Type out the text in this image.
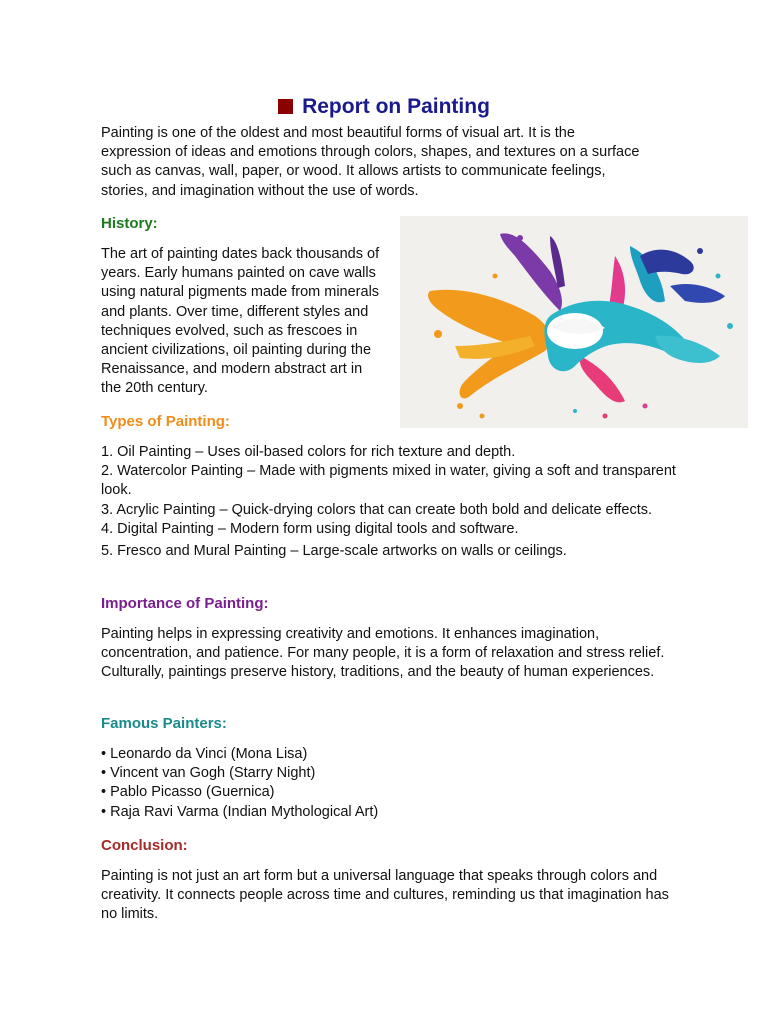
Report on Painting

Painting is one of the oldest and most beautiful forms of visual art. It is the expression of ideas and emotions through colors, shapes, and textures on a surface such as canvas, wall, paper, or wood. It allows artists to communicate feelings, stories, and imagination without the use of words.

History:

The art of painting dates back thousands of years. Early humans painted on cave walls using natural pigments made from minerals and plants. Over time, different styles and techniques evolved, such as frescoes in ancient civilizations, oil painting during the Renaissance, and modern abstract art in the 20th century.

Types of Painting:
1. Oil Painting – Uses oil-based colors for rich texture and depth.
2. Watercolor Painting – Made with pigments mixed in water, giving a soft and transparent look.
3. Acrylic Painting – Quick-drying colors that can create both bold and delicate effects.
4. Digital Painting – Modern form using digital tools and software.
5. Fresco and Mural Painting – Large-scale artworks on walls or ceilings.
Importance of Painting:

Painting helps in expressing creativity and emotions. It enhances imagination, concentration, and patience. For many people, it is a form of relaxation and stress relief. Culturally, paintings preserve history, traditions, and the beauty of human experiences.

Famous Painters:
• Leonardo da Vinci (Mona Lisa)
• Vincent van Gogh (Starry Night)
• Pablo Picasso (Guernica)
• Raja Ravi Varma (Indian Mythological Art)
Conclusion:

Painting is not just an art form but a universal language that speaks through colors and creativity. It connects people across time and cultures, reminding us that imagination has no limits.
